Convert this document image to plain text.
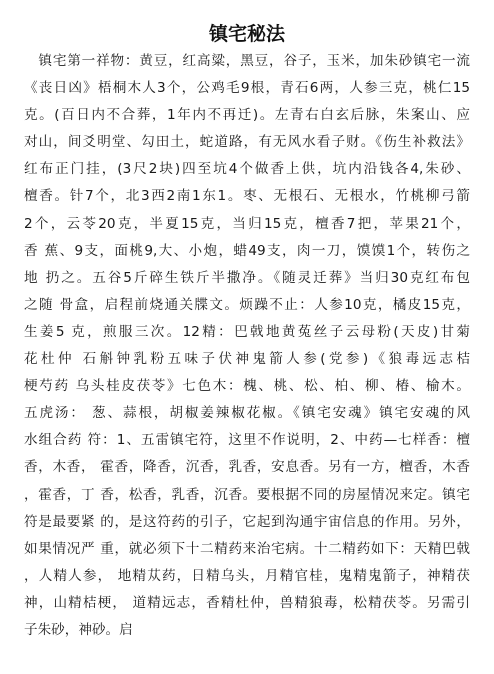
镇宅秘法
　镇宅第一祥物：黄豆，红高粱，黑豆，谷子，玉米，加朱砂镇宅一流
《丧日凶》梧桐木人3个，公鸡毛9根，青石6两，人参三克，桃仁15
克。(百日内不合葬，1年内不再迁)。左青右白玄后脉，朱案山、应
对山，间爻明堂、勾田土，蛇道路，有无风水看子财。《伤生补救法》
红布正门挂，(3尺2块)四至坑4个做香上供，坑内沿钱各4,朱砂、
檀香。针7个，北3西2南1东1。枣、无根石、无根水，竹桃柳弓箭
2个，云苓20克，半夏15克，当归15克，檀香7把，苹果21个，
香 蕉、9支，面桃9,大、小炮，蜡49支，肉一刀，馍馍1个，转伤之
地 扔之。五谷5斤碎生铁斤半撒净。《随灵迁葬》当归30克红布包
之随 骨盒，启程前烧通关牒文。烦躁不止：人参10克，橘皮15克，
生姜5 克，煎服三次。12精：巴戟地黄菟丝子云母粉(天皮)甘菊
花杜仲 石斛钟乳粉五味子伏神鬼箭人参(党参)《狼毒远志桔
梗芍药 乌头桂皮茯苓》七色木：槐、桃、松、柏、柳、椿、榆木。
五虎汤： 葱、蒜根，胡椒姜辣椒花椒。《镇宅安魂》镇宅安魂的风
水组合药 符：1、五雷镇宅符，这里不作说明，2、中药—七样香：檀
香，木香， 霍香，降香，沉香，乳香，安息香。另有一方，檀香，木香
，霍香，丁 香，松香，乳香，沉香。要根据不同的房屋情况来定。镇宅
符是最要紧 的，是这符药的引子，它起到沟通宇宙信息的作用。另外，
如果情况严 重，就必须下十二精药来治宅病。十二精药如下：天精巴戟
，人精人参， 地精苁药，日精乌头，月精官桂，鬼精鬼箭子，神精茯
神，山精桔梗， 道精远志，香精杜仲，兽精狼毒，松精茯苓。另需引
子朱砂，神砂。启
